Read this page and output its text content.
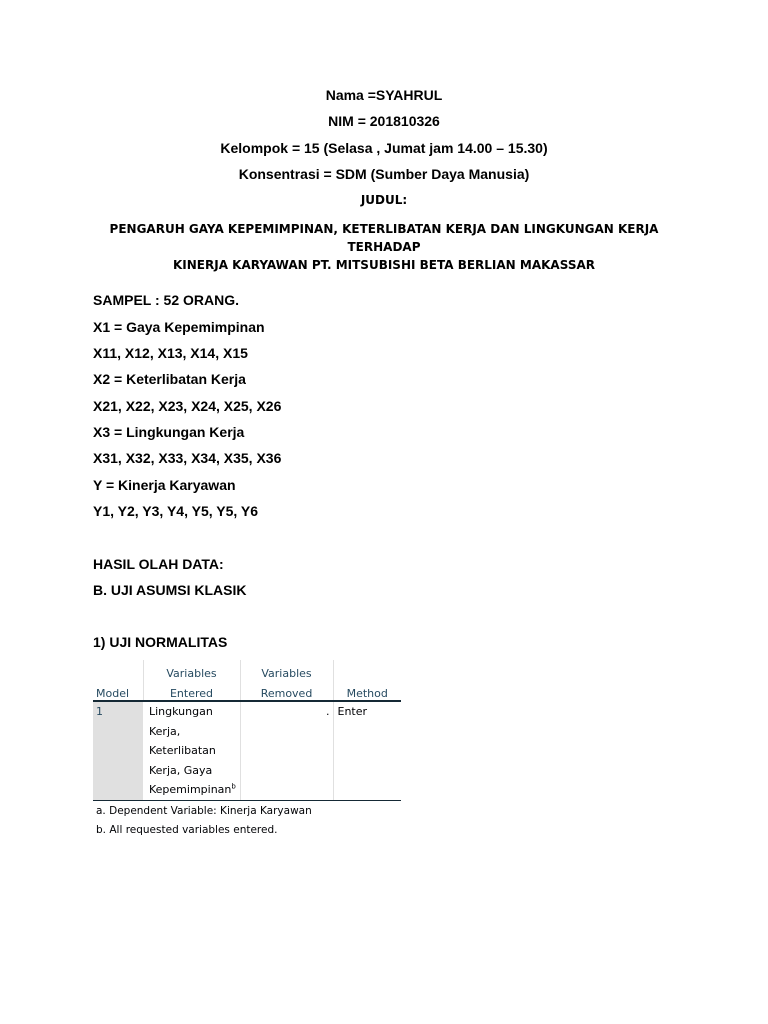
Nama =SYAHRUL
NIM = 201810326
Kelompok = 15 (Selasa , Jumat jam 14.00 – 15.30)
Konsentrasi = SDM (Sumber Daya Manusia)
JUDUL:
PENGARUH GAYA KEPEMIMPINAN, KETERLIBATAN KERJA DAN LINGKUNGAN KERJA TERHADAP
KINERJA KARYAWAN PT. MITSUBISHI BETA BERLIAN MAKASSAR
SAMPEL : 52 ORANG.
X1 = Gaya Kepemimpinan
X11, X12, X13, X14, X15
X2 = Keterlibatan Kerja
X21, X22, X23, X24, X25, X26
X3 = Lingkungan Kerja
X31, X32, X33, X34, X35, X36
Y = Kinerja Karyawan
Y1, Y2, Y3, Y4, Y5, Y5, Y6
HASIL OLAH DATA:
B. UJI ASUMSI KLASIK
1) UJI NORMALITAS
	Variables	Variables	
Model	Entered	Removed	Method
1	Lingkungan
Kerja,
Keterlibatan
Kerja, Gaya
Kepemimpinan$^b$	.	Enter
a. Dependent Variable: Kinerja Karyawan
b. All requested variables entered.
